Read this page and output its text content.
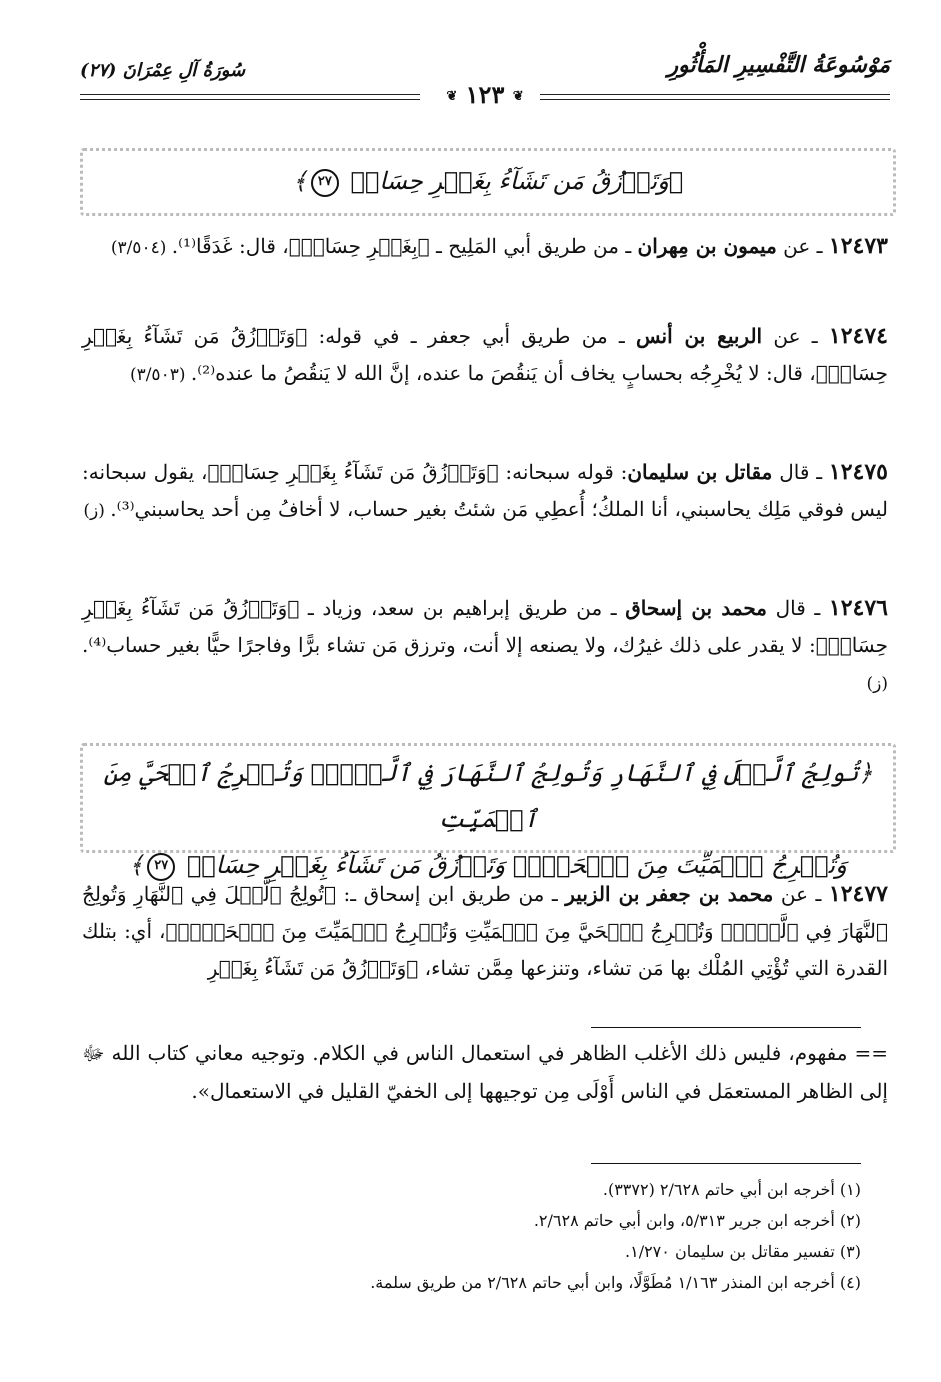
مَوْسُوعَةُ التَّفْسِيرِ المَأْثُورِ
❦ ١٢٣ ❦
سُورَةُ آلِ عِمْرَانَ (٢٧)
﴿وَتَرۡزُقُ مَن تَشَآءُ بِغَيۡرِ حِسَابٖ ٢٧﴾
١٢٤٧٣ ـ عن ميمون بن مِهران ـ من طريق أبي المَلِيح ـ ﴿بِغَيۡرِ حِسَابٖ﴾، قال: غَدَقًا⁽¹⁾. (٣/٥٠٤)
١٢٤٧٤ ـ عن الربيع بن أنس ـ من طريق أبي جعفر ـ في قوله: ﴿وَتَرۡزُقُ مَن تَشَآءُ بِغَيۡرِ حِسَابٖ﴾، قال: لا يُخْرِجُه بحسابٍ يخاف أن يَنقُصَ ما عنده، إنَّ الله لا يَنقُصُ ما عنده⁽²⁾. (٣/٥٠٣)
١٢٤٧٥ ـ قال مقاتل بن سليمان: قوله سبحانه: ﴿وَتَرۡزُقُ مَن تَشَآءُ بِغَيۡرِ حِسَابٖ﴾، يقول سبحانه: ليس فوقي مَلِك يحاسبني، أنا الملكُ؛ أُعطِي مَن شئتُ بغير حساب، لا أخافُ مِن أحد يحاسبني⁽³⁾. (ز)
١٢٤٧٦ ـ قال محمد بن إسحاق ـ من طريق إبراهيم بن سعد، وزياد ـ ﴿وَتَرۡزُقُ مَن تَشَآءُ بِغَيۡرِ حِسَابٖ﴾: لا يقدر على ذلك غيرُك، ولا يصنعه إلا أنت، وترزق مَن تشاء برًّا وفاجرًا حيًّا بغير حساب⁽⁴⁾. (ز)
﴿تُولِجُ ٱلَّيۡلَ فِي ٱلنَّهَارِ وَتُولِجُ ٱلنَّهَارَ فِي ٱلَّيۡلِۖ وَتُخۡرِجُ ٱلۡحَيَّ مِنَ ٱلۡمَيِّتِ
وَتُخۡرِجُ ٱلۡمَيِّتَ مِنَ ٱلۡحَيِّۖ وَتَرۡزُقُ مَن تَشَآءُ بِغَيۡرِ حِسَابٖ ٢٧﴾
١٢٤٧٧ ـ عن محمد بن جعفر بن الزبير ـ من طريق ابن إسحاق ـ: ﴿تُولِجُ ٱلَّيۡلَ فِي ٱلنَّهَارِ وَتُولِجُ ٱلنَّهَارَ فِي ٱلَّيۡلِۖ وَتُخۡرِجُ ٱلۡحَيَّ مِنَ ٱلۡمَيِّتِ وَتُخۡرِجُ ٱلۡمَيِّتَ مِنَ ٱلۡحَيِّۖ﴾، أي: بتلك القدرة التي تُؤْتِي المُلْك بها مَن تشاء، وتنزعها مِمَّن تشاء، ﴿وَتَرۡزُقُ مَن تَشَآءُ بِغَيۡرِ
== مفهوم، فليس ذلك الأغلب الظاهر في استعمال الناس في الكلام. وتوجيه معاني كتاب الله ﷻ إلى الظاهر المستعمَل في الناس أَوْلَى مِن توجيهها إلى الخفيّ القليل في الاستعمال».
(١) أخرجه ابن أبي حاتم ٢/٦٢٨ (٣٣٧٢).
(٢) أخرجه ابن جرير ٥/٣١٣، وابن أبي حاتم ٢/٦٢٨.
(٣) تفسير مقاتل بن سليمان ١/٢٧٠.
(٤) أخرجه ابن المنذر ١/١٦٣ مُطَوَّلًا، وابن أبي حاتم ٢/٦٢٨ من طريق سلمة.
